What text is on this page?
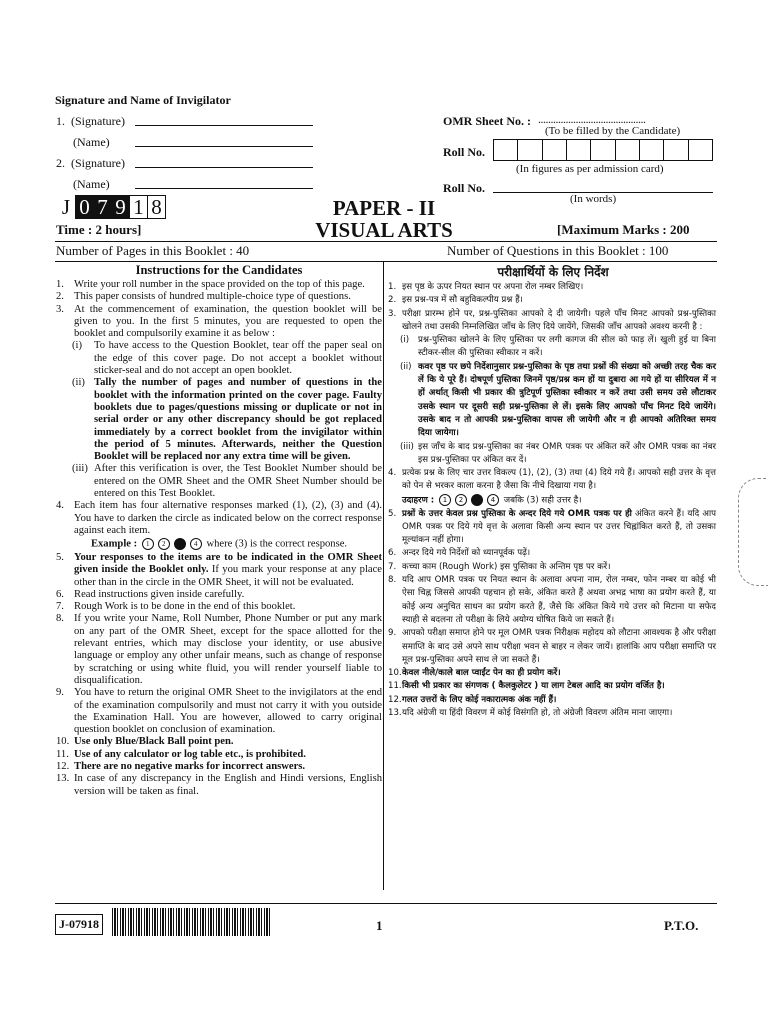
Signature and Name of Invigilator
1. (Signature)
(Name)
2. (Signature)
(Name)
OMR Sheet No. : ...........................................
(To be filled by the Candidate)
Roll No.
(In figures as per admission card)
Roll No.
(In words)
J 0 7 9 1 8	PAPER - II
VISUAL ARTS
Time : 2 hours]	[Maximum Marks : 200
Number of Pages in this Booklet : 40	Number of Questions in this Booklet : 100
Instructions for the Candidates

1. Write your roll number in the space provided on the top of this page.

2. This paper consists of hundred multiple-choice type of questions.

3. At the commencement of examination, the question booklet will be given to you. In the first 5 minutes, you are requested to open the booklet and compulsorily examine it as below :

(i) To have access to the Question Booklet, tear off the paper seal on the edge of this cover page. Do not accept a booklet without sticker-seal and do not accept an open booklet.

(ii) Tally the number of pages and number of questions in the booklet with the information printed on the cover page. Faulty booklets due to pages/questions missing or duplicate or not in serial order or any other discrepancy should be got replaced immediately by a correct booklet from the invigilator within the period of 5 minutes. Afterwards, neither the Question Booklet will be replaced nor any extra time will be given.

(iii) After this verification is over, the Test Booklet Number should be entered on the OMR Sheet and the OMR Sheet Number should be entered on this Test Booklet.

4. Each item has four alternative responses marked (1), (2), (3) and (4). You have to darken the circle as indicated below on the correct response against each item.

Example : 1 2	4 where (3) is the correct response.

5. Your responses to the items are to be indicated in the OMR Sheet given inside the Booklet only. If you mark your response at any place other than in the circle in the OMR Sheet, it will not be evaluated.

6. Read instructions given inside carefully.

7. Rough Work is to be done in the end of this booklet.

8. If you write your Name, Roll Number, Phone Number or put any mark on any part of the OMR Sheet, except for the space allotted for the relevant entries, which may disclose your identity, or use abusive language or employ any other unfair means, such as change of response by scratching or using white fluid, you will render yourself liable to disqualification.

9. You have to return the original OMR Sheet to the invigilators at the end of the examination compulsorily and must not carry it with you outside the Examination Hall. You are however, allowed to carry original question booklet on conclusion of examination.

10. Use only Blue/Black Ball point pen.

11. Use of any calculator or log table etc., is prohibited.

12. There are no negative marks for incorrect answers.

13. In case of any discrepancy in the English and Hindi versions, English version will be taken as final.

परीक्षार्थियों के लिए निर्देश

1. इस पृष्ठ के ऊपर नियत स्थान पर अपना रोल नम्बर लिखिए।

2. इस प्रश्न-पत्र में सौ बहुविकल्पीय प्रश्न हैं।

3. परीक्षा प्रारम्भ होने पर, प्रश्न-पुस्तिका आपको दे दी जायेगी। पहले पाँच मिनट आपको प्रश्न-पुस्तिका खोलने तथा उसकी निम्नलिखित जाँच के लिए दिये जायेंगे, जिसकी जाँच आपको अवश्य करनी है :

(i) प्रश्न-पुस्तिका खोलने के लिए पुस्तिका पर लगी कागज की सील को फाड़ लें। खुली हुई या बिना स्टीकर-सील की पुस्तिका स्वीकार न करें।

(ii) कवर पृष्ठ पर छपे निर्देशानुसार प्रश्न-पुस्तिका के पृष्ठ तथा प्रश्नों की संख्या को अच्छी तरह चैक कर लें कि ये पूरे हैं। दोषपूर्ण पुस्तिका जिनमें पृष्ठ/प्रश्न कम हों या दुबारा आ गये हों या सीरियल में न हों अर्थात् किसी भी प्रकार की त्रुटिपूर्ण पुस्तिका स्वीकार न करें तथा उसी समय उसे लौटाकर उसके स्थान पर दूसरी सही प्रश्न-पुस्तिका ले लें। इसके लिए आपको पाँच मिनट दिये जायेंगे। उसके बाद न तो आपकी प्रश्न-पुस्तिका वापस ली जायेगी और न ही आपको अतिरिक्त समय दिया जायेगा।

(iii) इस जाँच के बाद प्रश्न-पुस्तिका का नंबर OMR पत्रक पर अंकित करें और OMR पत्रक का नंबर इस प्रश्न-पुस्तिका पर अंकित कर दें।

4. प्रत्येक प्रश्न के लिए चार उत्तर विकल्प (1), (2), (3) तथा (4) दिये गये हैं। आपको सही उत्तर के वृत्त को पेन से भरकर काला करना है जैसा कि नीचे दिखाया गया है।

उदाहरण : 1 2	4 जबकि (3) सही उत्तर है।

5. प्रश्नों के उत्तर केवल प्रश्न पुस्तिका के अन्दर दिये गये OMR पत्रक पर ही अंकित करने हैं। यदि आप OMR पत्रक पर दिये गये वृत्त के अलावा किसी अन्य स्थान पर उत्तर चिह्नांकित करते हैं, तो उसका मूल्यांकन नहीं होगा।

6. अन्दर दिये गये निर्देशों को ध्यानपूर्वक पढ़ें।

7. कच्चा काम (Rough Work) इस पुस्तिका के अन्तिम पृष्ठ पर करें।

8. यदि आप OMR पत्रक पर नियत स्थान के अलावा अपना नाम, रोल नम्बर, फोन नम्बर या कोई भी ऐसा चिह्न जिससे आपकी पहचान हो सके, अंकित करते हैं अथवा अभद्र भाषा का प्रयोग करते हैं, या कोई अन्य अनुचित साधन का प्रयोग करते हैं, जैसे कि अंकित किये गये उत्तर को मिटाना या सफेद स्याही से बदलना तो परीक्षा के लिये अयोग्य घोषित किये जा सकते हैं।

9. आपको परीक्षा समाप्त होने पर मूल OMR पत्रक निरीक्षक महोदय को लौटाना आवश्यक है और परीक्षा समाप्ति के बाद उसे अपने साथ परीक्षा भवन से बाहर न लेकर जायें। हालांकि आप परीक्षा समाप्ति पर मूल प्रश्न-पुस्तिका अपने साथ ले जा सकते हैं।

10. केवल नीले/काले बाल प्वाईंट पेन का ही प्रयोग करें।

11. किसी भी प्रकार का संगणक ( कैलकुलेटर ) या लाग टेबल आदि का प्रयोग वर्जित है।

12. गलत उत्तरों के लिए कोई नकारात्मक अंक नहीं हैं।

13. यदि अंग्रेजी या हिंदी विवरण में कोई विसंगति हो, तो अंग्रेजी विवरण अंतिम माना जाएगा।

J-07918	1	P.T.O.
